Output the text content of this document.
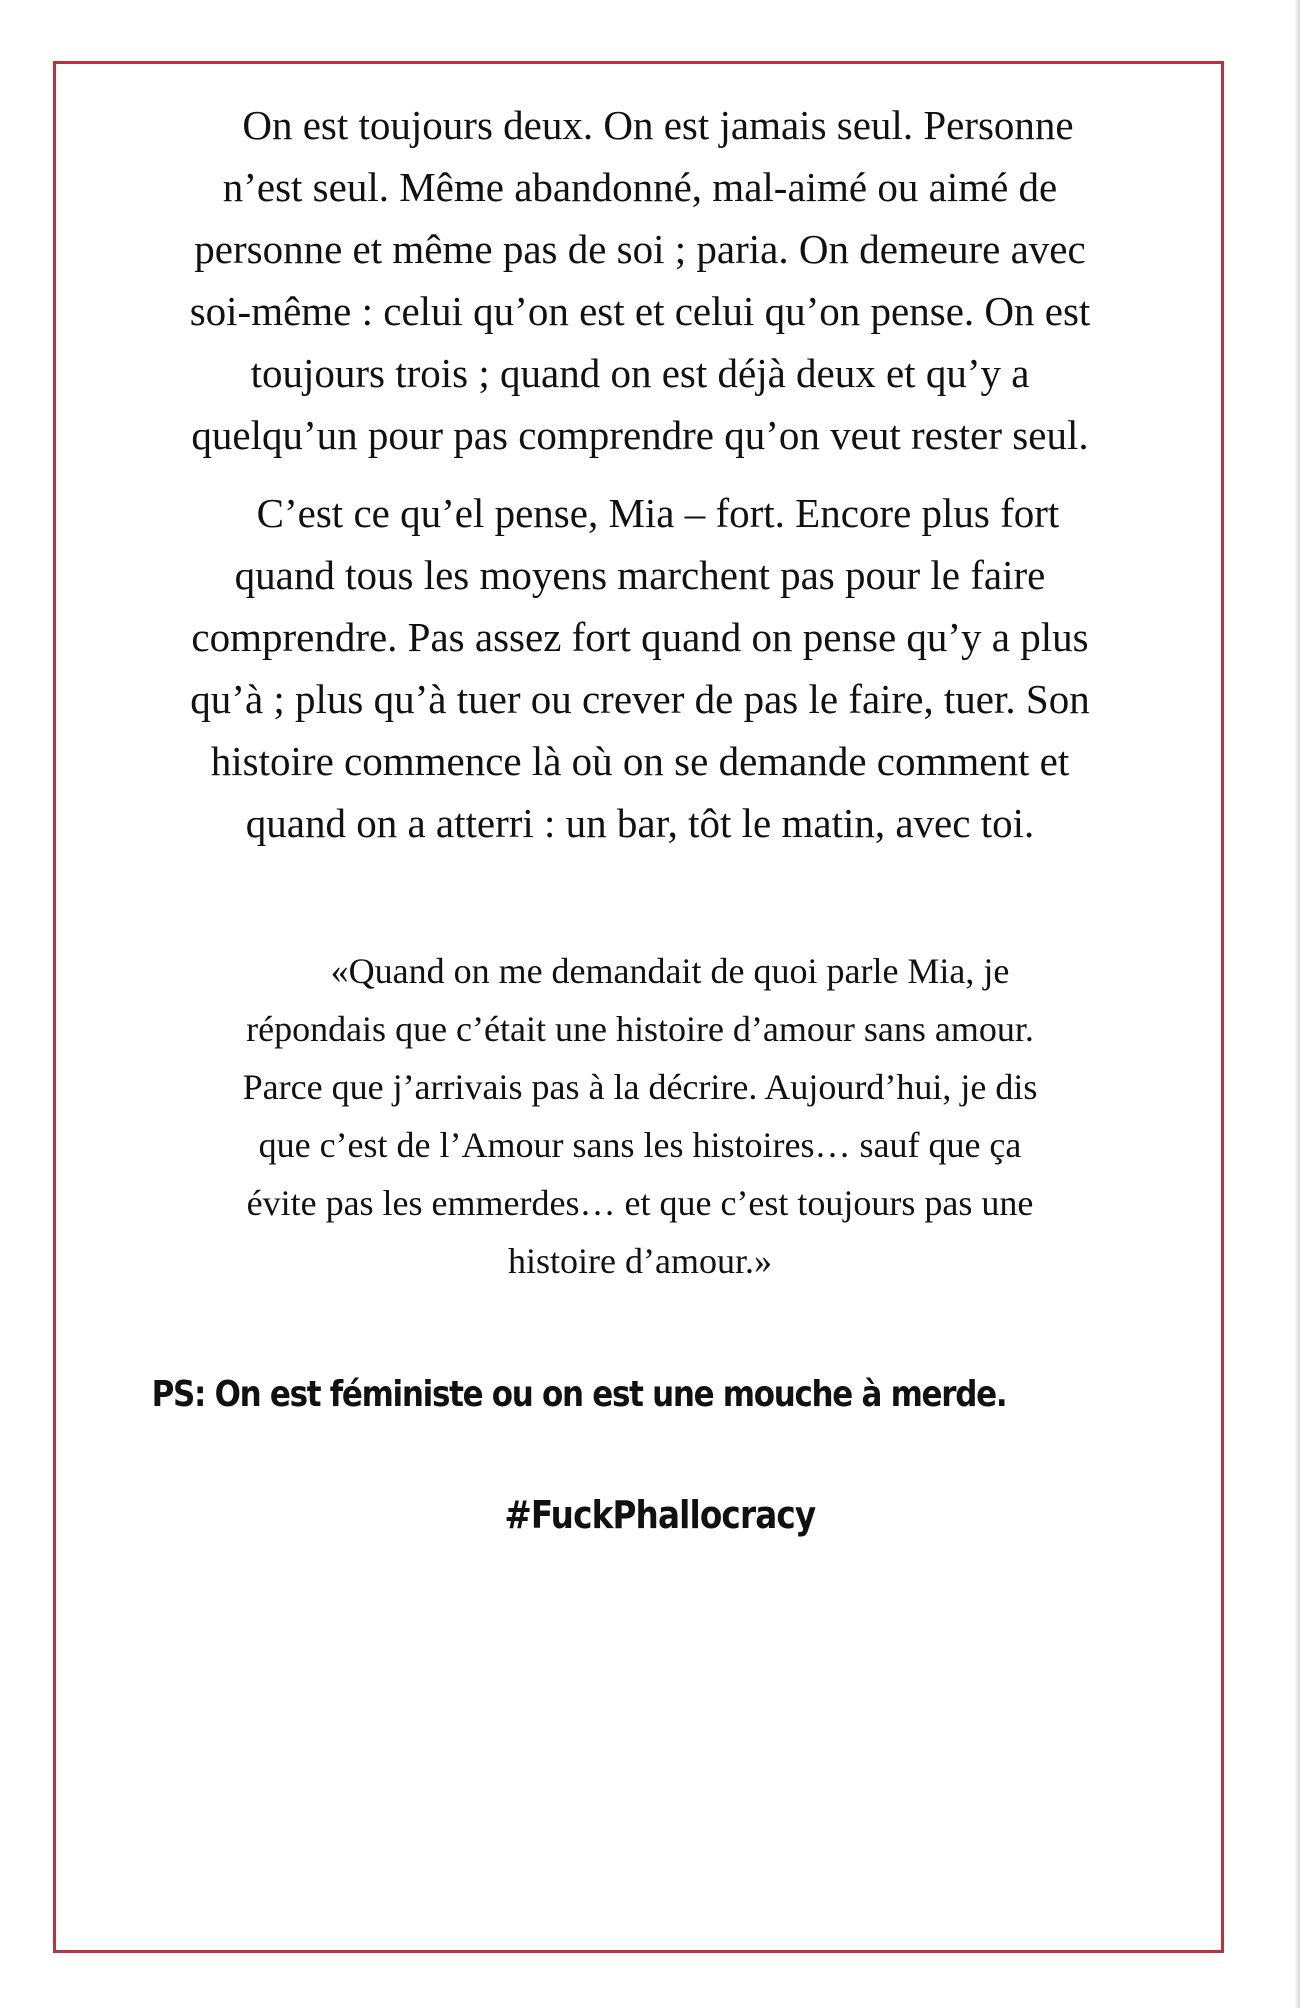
On est toujours deux. On est jamais seul. Personne
n’est seul. Même abandonné, mal-aimé ou aimé de
personne et même pas de soi ; paria. On demeure avec
soi-même : celui qu’on est et celui qu’on pense. On est
toujours trois ; quand on est déjà deux et qu’y a
quelqu’un pour pas comprendre qu’on veut rester seul.

C’est ce qu’el pense, Mia – fort. Encore plus fort
quand tous les moyens marchent pas pour le faire
comprendre. Pas assez fort quand on pense qu’y a plus
qu’à ; plus qu’à tuer ou crever de pas le faire, tuer. Son
histoire commence là où on se demande comment et
quand on a atterri : un bar, tôt le matin, avec toi.

«Quand on me demandait de quoi parle Mia, je
répondais que c’était une histoire d’amour sans amour.
Parce que j’arrivais pas à la décrire. Aujourd’hui, je dis
que c’est de l’Amour sans les histoires… sauf que ça
évite pas les emmerdes… et que c’est toujours pas une
histoire d’amour.»

PS: On est féministe ou on est une mouche à merde.
#FuckPhallocracy
